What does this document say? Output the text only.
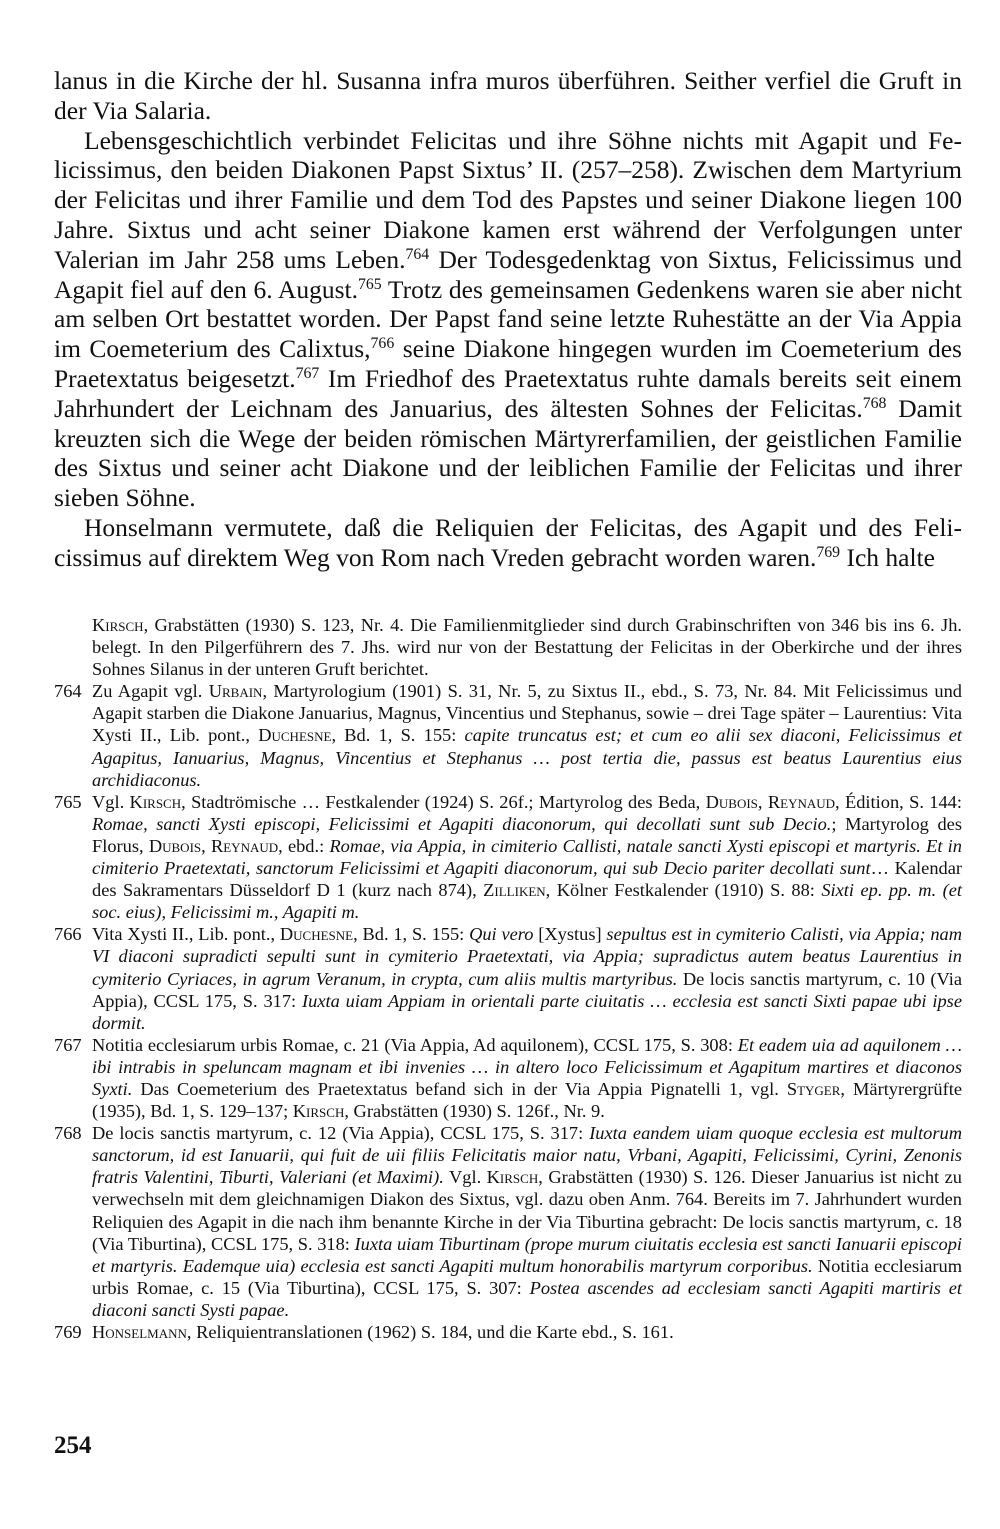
lanus in die Kirche der hl. Susanna infra muros überführen. Seither verfiel die Gruft in der Via Salaria.

Lebensgeschichtlich verbindet Felicitas und ihre Söhne nichts mit Agapit und Felicissimus, den beiden Diakonen Papst Sixtus’ II. (257–258). Zwischen dem Martyrium der Felicitas und ihrer Familie und dem Tod des Papstes und seiner Diakone liegen 100 Jahre. Sixtus und acht seiner Diakone kamen erst während der Verfolgungen unter Valerian im Jahr 258 ums Leben.$^{764}$ Der Todesgedenktag von Sixtus, Felicissimus und Agapit fiel auf den 6. August.$^{765}$ Trotz des gemeinsamen Gedenkens waren sie aber nicht am selben Ort bestattet worden. Der Papst fand seine letzte Ruhestätte an der Via Appia im Coemeterium des Calixtus,$^{766}$ seine Diakone hingegen wurden im Coemeterium des Praetextatus beigesetzt.$^{767}$ Im Friedhof des Praetextatus ruhte damals bereits seit einem Jahrhundert der Leichnam des Januarius, des ältesten Sohnes der Felicitas.$^{768}$ Damit kreuzten sich die Wege der beiden römischen Märtyrerfamilien, der geistlichen Familie des Sixtus und seiner acht Diakone und der leiblichen Familie der Felicitas und ihrer sieben Söhne.

Honselmann vermutete, daß die Reliquien der Felicitas, des Agapit und des Felicissimus auf direktem Weg von Rom nach Vreden gebracht worden waren.$^{769}$ Ich halte

Kirsch, Grabstätten (1930) S. 123, Nr. 4. Die Familienmitglieder sind durch Grabinschriften von 346 bis ins 6. Jh. belegt. In den Pilgerführern des 7. Jhs. wird nur von der Bestattung der Felicitas in der Oberkirche und der ihres Sohnes Silanus in der unteren Gruft berichtet.

764 Zu Agapit vgl. Urbain, Martyrologium (1901) S. 31, Nr. 5, zu Sixtus II., ebd., S. 73, Nr. 84. Mit Felicissimus und Agapit starben die Diakone Januarius, Magnus, Vincentius und Stephanus, sowie – drei Tage später – Laurentius: Vita Xysti II., Lib. pont., Duchesne, Bd. 1, S. 155: capite truncatus est; et cum eo alii sex diaconi, Felicissimus et Agapitus, Ianuarius, Magnus, Vincentius et Stephanus … post tertia die, passus est beatus Laurentius eius archidiaconus.

765 Vgl. Kirsch, Stadtrömische … Festkalender (1924) S. 26f.; Martyrolog des Beda, Dubois, Reynaud, Édition, S. 144: Romae, sancti Xysti episcopi, Felicissimi et Agapiti diaconorum, qui decollati sunt sub Decio.; Martyrolog des Florus, Dubois, Reynaud, ebd.: Romae, via Appia, in cimiterio Callisti, natale sancti Xysti episcopi et martyris. Et in cimiterio Praetextati, sanctorum Felicissimi et Agapiti diaconorum, qui sub Decio pariter decollati sunt… Kalendar des Sakramentars Düsseldorf D 1 (kurz nach 874), Zilliken, Kölner Festkalender (1910) S. 88: Sixti ep. pp. m. (et soc. eius), Felicissimi m., Agapiti m.

766 Vita Xysti II., Lib. pont., Duchesne, Bd. 1, S. 155: Qui vero [Xystus] sepultus est in cymiterio Calisti, via Appia; nam VI diaconi supradicti sepulti sunt in cymiterio Praetextati, via Appia; supradictus autem beatus Laurentius in cymiterio Cyriaces, in agrum Veranum, in crypta, cum aliis multis martyribus. De locis sanctis martyrum, c. 10 (Via Appia), CCSL 175, S. 317: Iuxta uiam Appiam in orientali parte ciuitatis … ecclesia est sancti Sixti papae ubi ipse dormit.

767 Notitia ecclesiarum urbis Romae, c. 21 (Via Appia, Ad aquilonem), CCSL 175, S. 308: Et eadem uia ad aquilonem … ibi intrabis in speluncam magnam et ibi invenies … in altero loco Felicissimum et Agapitum martires et diaconos Syxti. Das Coemeterium des Praetextatus befand sich in der Via Appia Pignatelli 1, vgl. Styger, Märtyrergrüfte (1935), Bd. 1, S. 129–137; Kirsch, Grabstätten (1930) S. 126f., Nr. 9.

768 De locis sanctis martyrum, c. 12 (Via Appia), CCSL 175, S. 317: Iuxta eandem uiam quoque ecclesia est multorum sanctorum, id est Ianuarii, qui fuit de uii filiis Felicitatis maior natu, Vrbani, Agapiti, Felicissimi, Cyrini, Zenonis fratris Valentini, Tiburti, Valeriani (et Maximi). Vgl. Kirsch, Grabstätten (1930) S. 126. Dieser Januarius ist nicht zu verwechseln mit dem gleichnamigen Diakon des Sixtus, vgl. dazu oben Anm. 764. Bereits im 7. Jahrhundert wurden Reliquien des Agapit in die nach ihm benannte Kirche in der Via Tiburtina gebracht: De locis sanctis martyrum, c. 18 (Via Tiburtina), CCSL 175, S. 318: Iuxta uiam Tiburtinam (prope murum ciuitatis ecclesia est sancti Ianuarii episcopi et martyris. Eademque uia) ecclesia est sancti Agapiti multum honorabilis martyrum corporibus. Notitia ecclesiarum urbis Romae, c. 15 (Via Tiburtina), CCSL 175, S. 307: Postea ascendes ad ecclesiam sancti Agapiti martiris et diaconi sancti Systi papae.

769 Honselmann, Reliquientranslationen (1962) S. 184, und die Karte ebd., S. 161.

254
